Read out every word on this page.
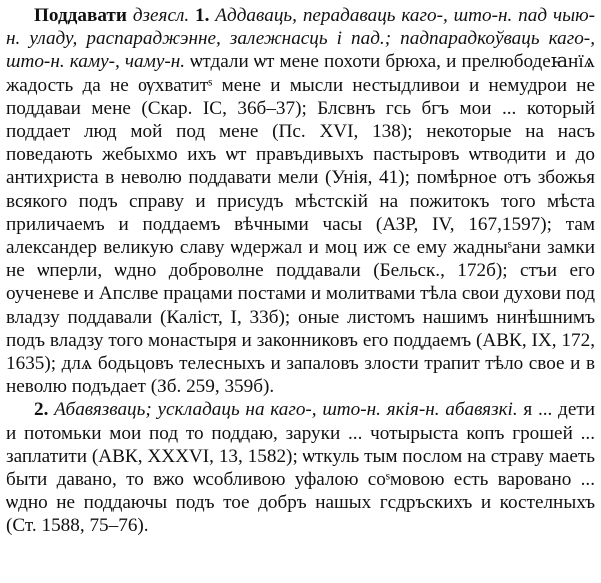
Поддавати дзеясл. 1. Аддаваць, перадаваць каго-, што-н. пад чыю-н. уладу, распараджэнне, залежнасць і пад.; падпарадкоўваць каго-, што-н. каму-, чаму-н. ѡтдали ѡт мене похоти брюха, и прелюбодеꙗнїѧ жадость да не ѹхватитˢ мене и мысли нестыдливои и немудрои не поддаваи мене (Скар. IС, 36б–37); Блсвнъ гсь бгъ мои ... который поддает люд мой под мене (Пс. XVI, 138); некоторые на насъ поведають жебыхмо ихъ ѡт правъдивыхъ пастыровъ ѡтводити и до антихриста в неволю поддавати мели (Унія, 41); помѣрное отъ збожья всякого подъ справу и присудъ мѣстскій на пожитокъ того мѣстa приличаемъ и поддаемъ вѣчными часы (АЗР, IV, 167,1597); там александер великую славу ѡдержал и моц иж се ему жадныˢани замки не ѡперли, ѡдно доброволне поддавали (Бельск., 172б); стъи его оученеве и Апслве працами постами и молитвами тѣла свои духови под владзу поддавали (Каліст, I, 33б); оные листомъ нашимъ нинѣшнимъ подъ владзу того монастыря и законниковъ его поддаемъ (АВК, IX, 172, 1635); длѧ бодьцовъ телесныхъ и запаловъ злости трапит тѣло свое и в неволю подъдает (Зб. 259, 359б).

2. Абавязваць; ускладаць на каго-, што-н. якія-н. абавязкі. я ... дети и потомьки мои под то поддаю, заруки ... чотырыста копъ грошей ... заплатити (АВК, XXXVI, 13, 1582); ѡткуль тым послом на страву маеть быти давано, то вжо ѡсобливою уфалою соˢмовою есть варовано ... ѡдно не поддаючы подъ тое добръ нашых гсдръскихъ и костелныхъ (Ст. 1588, 75–76).
